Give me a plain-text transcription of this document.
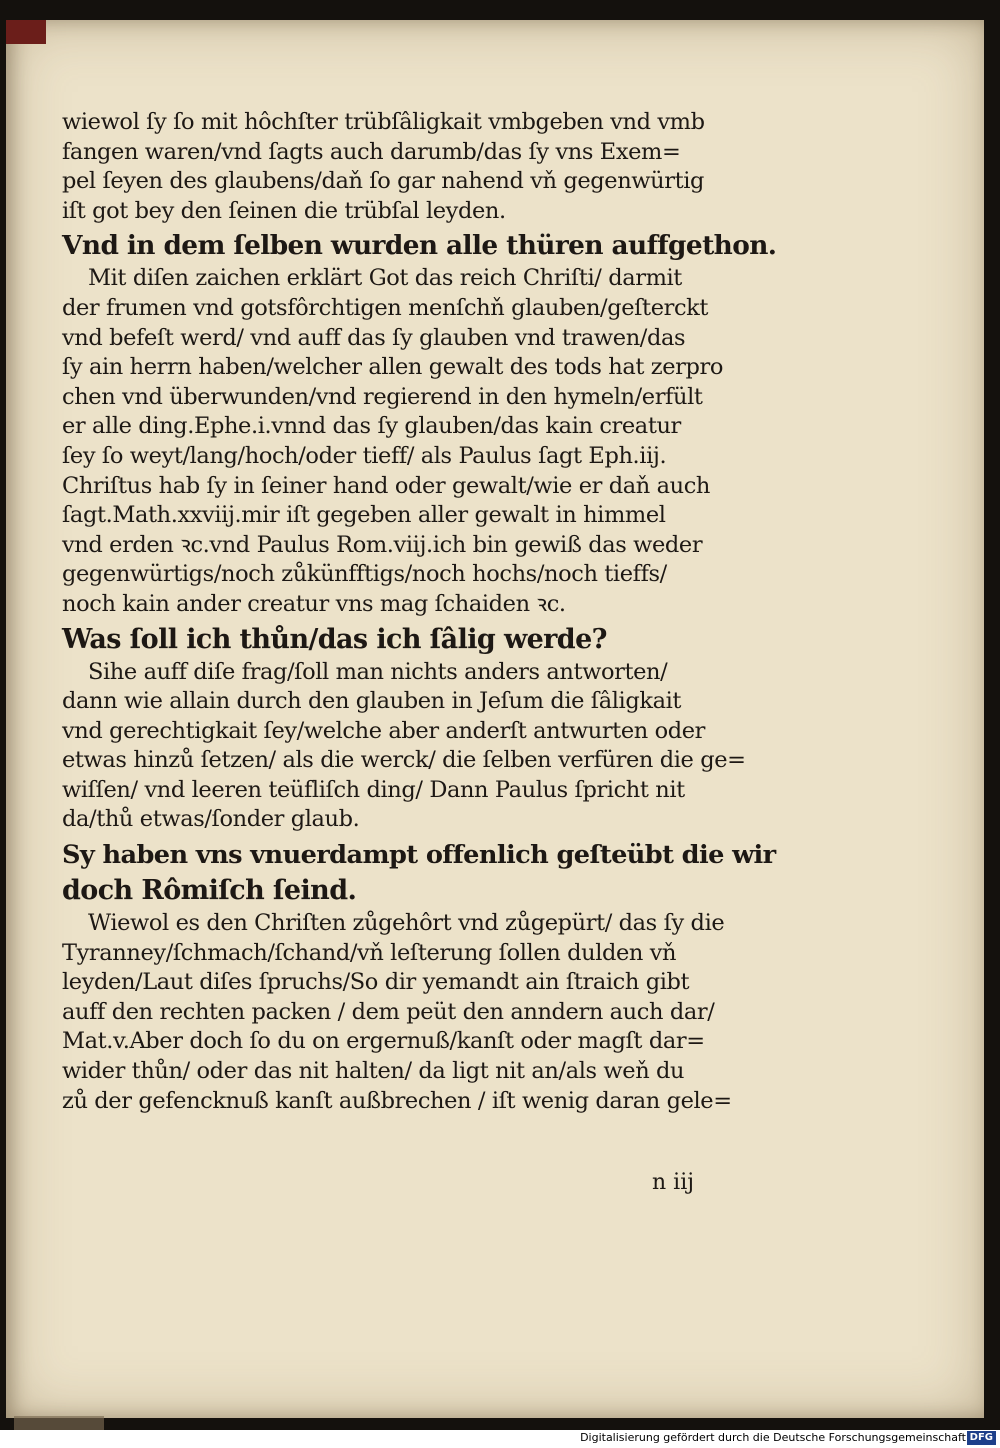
wiewol ſy ſo mit hôchſter trübſâligkait vmbgeben vnd vmb
fangen waren/vnd ſagts auch darumb/das ſy vns Exem=
pel ſeyen des glaubens/daň ſo gar nahend vň gegenwürtig
iſt got bey den ſeinen die trübſal leyden.
Vnd in dem ſelben wurden alle thüren auffgethon.
Mit diſen zaichen erklärt Got das reich Chriſti/ darmit
der frumen vnd gotsfôrchtigen menſchň glauben/geſterckt
vnd befeſt werd/ vnd auff das ſy glauben vnd trawen/das
ſy ain herrn haben/welcher allen gewalt des tods hat zerpro
chen vnd überwunden/vnd regierend in den hymeln/erfült
er alle ding.Ephe.i.vnnd das ſy glauben/das kain creatur
ſey ſo weyt/lang/hoch/oder tieff/ als Paulus ſagt Eph.iij.
Chriſtus hab ſy in ſeiner hand oder gewalt/wie er daň auch
ſagt.Math.xxviij.mir iſt gegeben aller gewalt in himmel
vnd erden ꝛc.vnd Paulus Rom.viij.ich bin gewiß das weder
gegenwürtigs/noch zůkünfftigs/noch hochs/noch tieffs/
noch kain ander creatur vns mag ſchaiden ꝛc.
Was ſoll ich thůn/das ich ſâlig werde?
Sihe auff diſe frag/ſoll man nichts anders antworten/
dann wie allain durch den glauben in Jeſum die ſâligkait
vnd gerechtigkait ſey/welche aber anderſt antwurten oder
etwas hinzů ſetzen/ als die werck/ die ſelben verfüren die ge=
wiſſen/ vnd leeren teüfliſch ding/ Dann Paulus ſpricht nit
da/thů etwas/ſonder glaub.
Sy haben vns vnuerdampt offenlich geſteübt die wir
doch Rômiſch ſeind.
Wiewol es den Chriſten zůgehôrt vnd zůgepürt/ das ſy die
Tyranney/ſchmach/ſchand/vň leſterung ſollen dulden vň
leyden/Laut diſes ſpruchs/So dir yemandt ain ſtraich gibt
auff den rechten packen / dem peüt den anndern auch dar/
Mat.v.Aber doch ſo du on ergernuß/kanſt oder magſt dar=
wider thůn/ oder das nit halten/ da ligt nit an/als weň du
zů der gefencknuß kanſt außbrechen / iſt wenig daran gele=
n iij
Digitalisierung gefördert durch die Deutsche Forschungsgemeinschaft DFG
